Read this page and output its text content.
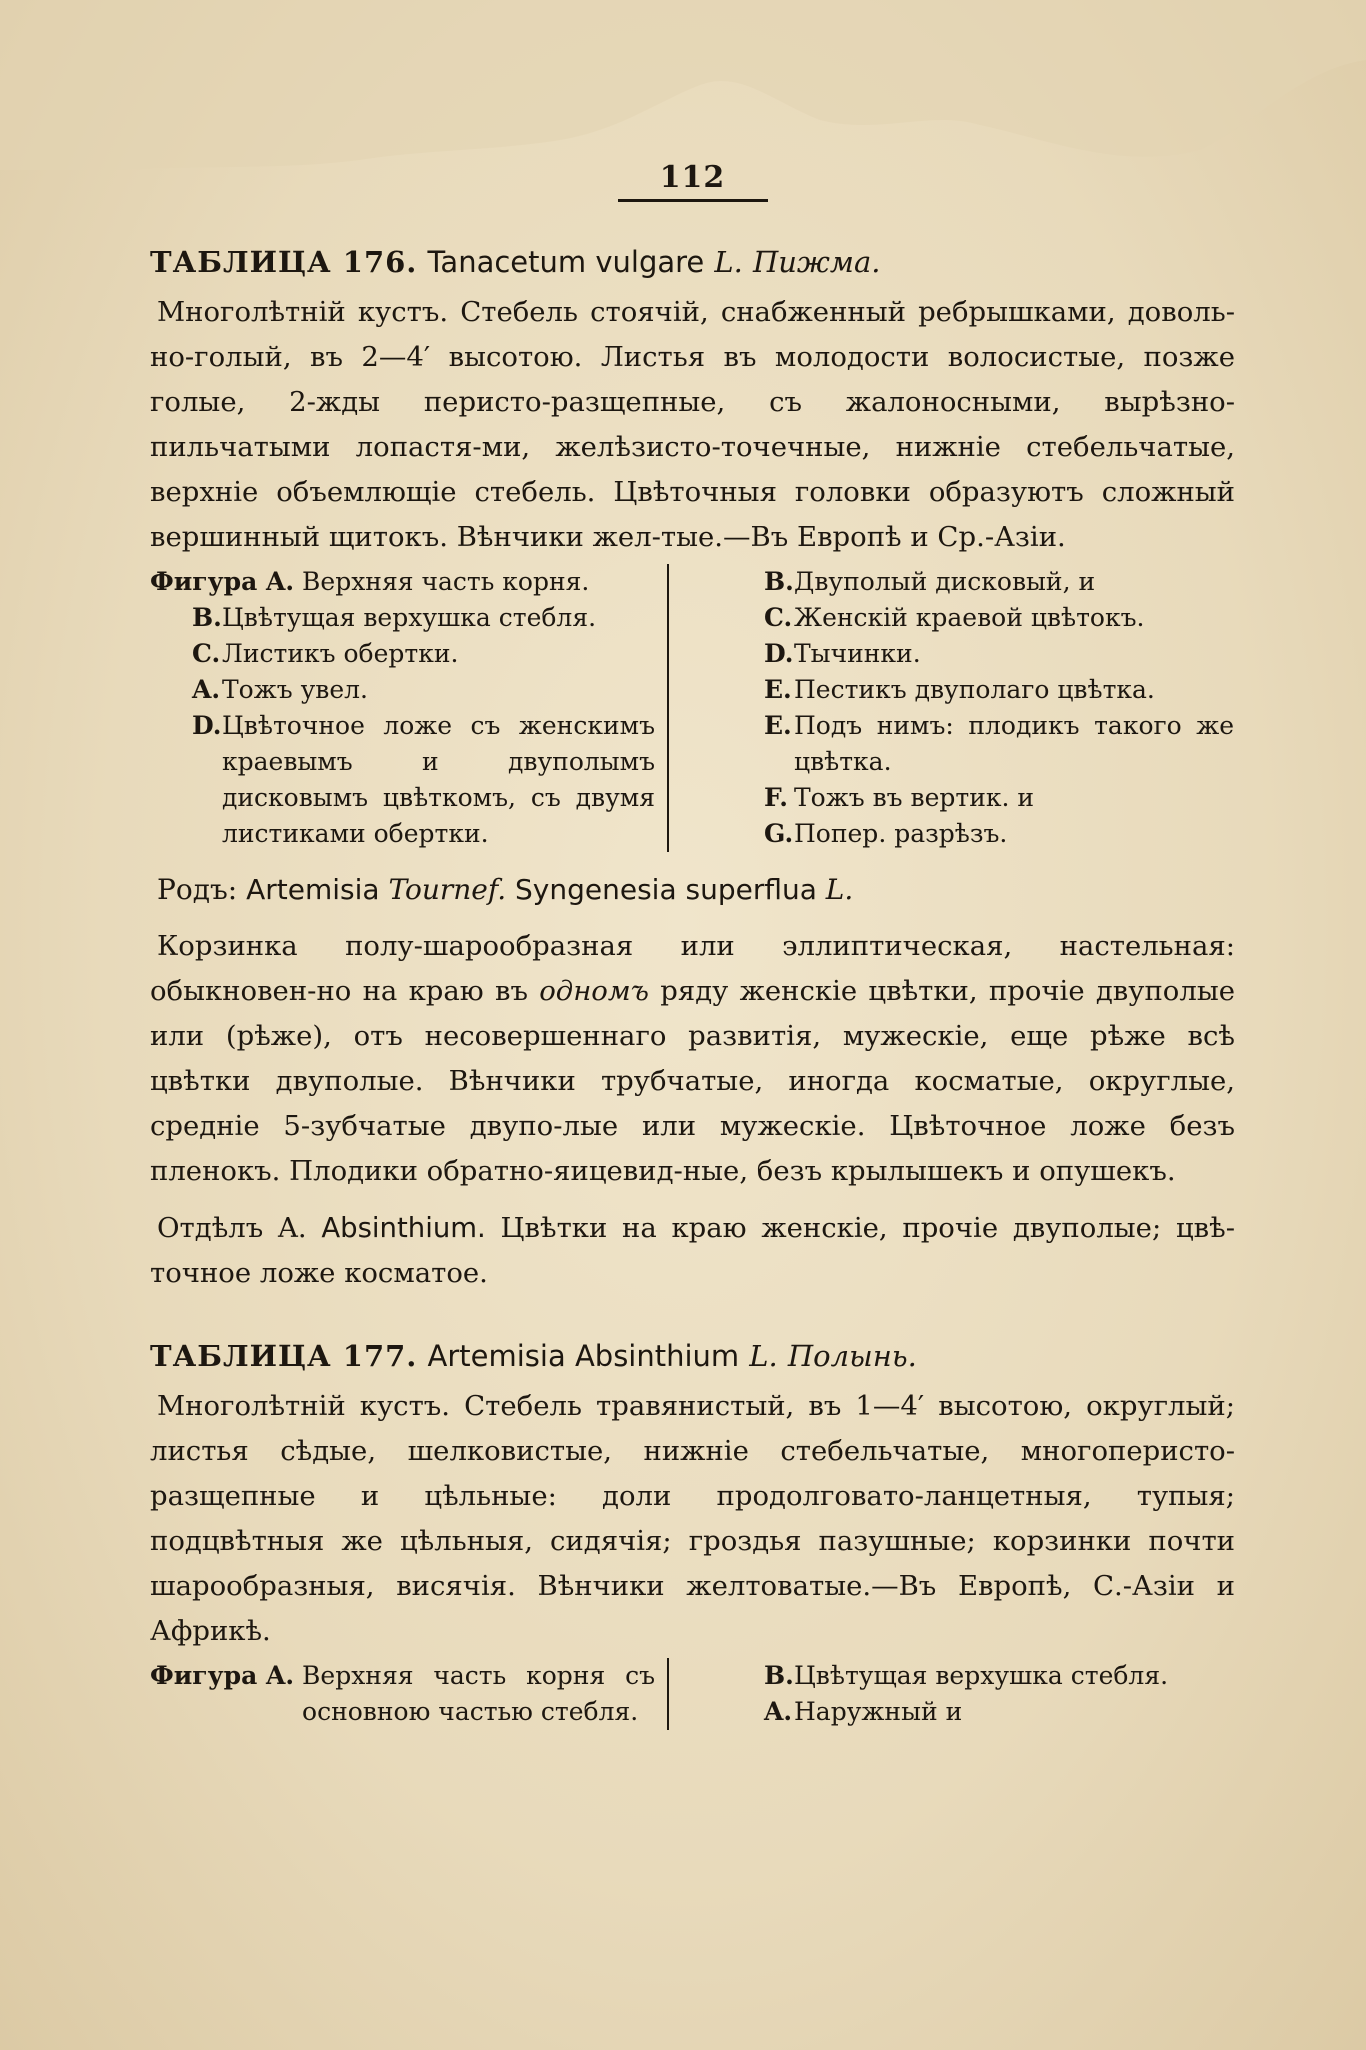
112
ТАБЛИЦА 176. Tanacetum vulgare L. Пижма.

Многолѣтній кустъ. Стебель стоячій, снабженный ребрышками, доволь-но-голый, въ 2—4′ высотою. Листья въ молодости волосистые, позже голые, 2-жды перисто-разщепные, съ жалоносными, вырѣзно-пильчатыми лопастя-ми, желѣзисто-точечные, нижніе стебельчатые, верхніе объемлющіе стебель. Цвѣточныя головки образуютъ сложный вершинный щитокъ. Вѣнчики жел-тые.—Въ Европѣ и Ср.-Азіи.

Фигура A.
Верхняя часть корня.
B. Цвѣтущая верхушка стебля.
C. Листикъ обертки.
A. Тожъ увел.
D. Цвѣточное ложе съ женскимъ краевымъ и двуполымъ дисковымъ цвѣткомъ, съ двумя листиками обертки.
B. Двуполый дисковый, и
C. Женскій краевой цвѣтокъ.
D. Тычинки.
E. Пестикъ двуполаго цвѣтка.
E. Подъ нимъ: плодикъ такого же цвѣтка.
F. Тожъ въ вертик. и
G. Попер. разрѣзъ.
Родъ: Artemisia Tournef. Syngenesia superflua L.

Корзинка полу-шарообразная или эллиптическая, настельная: обыкновен-но на краю въ одномъ ряду женскіе цвѣтки, прочіе двуполые или (рѣже), отъ несовершеннаго развитія, мужескіе, еще рѣже всѣ цвѣтки двуполые. Вѣнчики трубчатые, иногда косматые, округлые, средніе 5-зубчатые двупо-лые или мужескіе. Цвѣточное ложе безъ пленокъ. Плодики обратно-яицевид-ные, безъ крылышекъ и опушекъ.

Отдѣлъ A. Absinthium. Цвѣтки на краю женскіе, прочіе двуполые; цвѣ-точное ложе косматое.

ТАБЛИЦА 177. Artemisia Absinthium L. Полынь.

Многолѣтній кустъ. Стебель травянистый, въ 1—4′ высотою, округлый; листья сѣдые, шелковистые, нижніе стебельчатые, многоперисто-разщепные и цѣльные: доли продолговато-ланцетныя, тупыя; подцвѣтныя же цѣльныя, сидячія; гроздья пазушные; корзинки почти шарообразныя, висячія. Вѣнчики желтоватые.—Въ Европѣ, С.-Азіи и Африкѣ.

Фигура A.
Верхняя часть корня съ основною частью стебля.
B. Цвѣтущая верхушка стебля.
A. Наружный и
